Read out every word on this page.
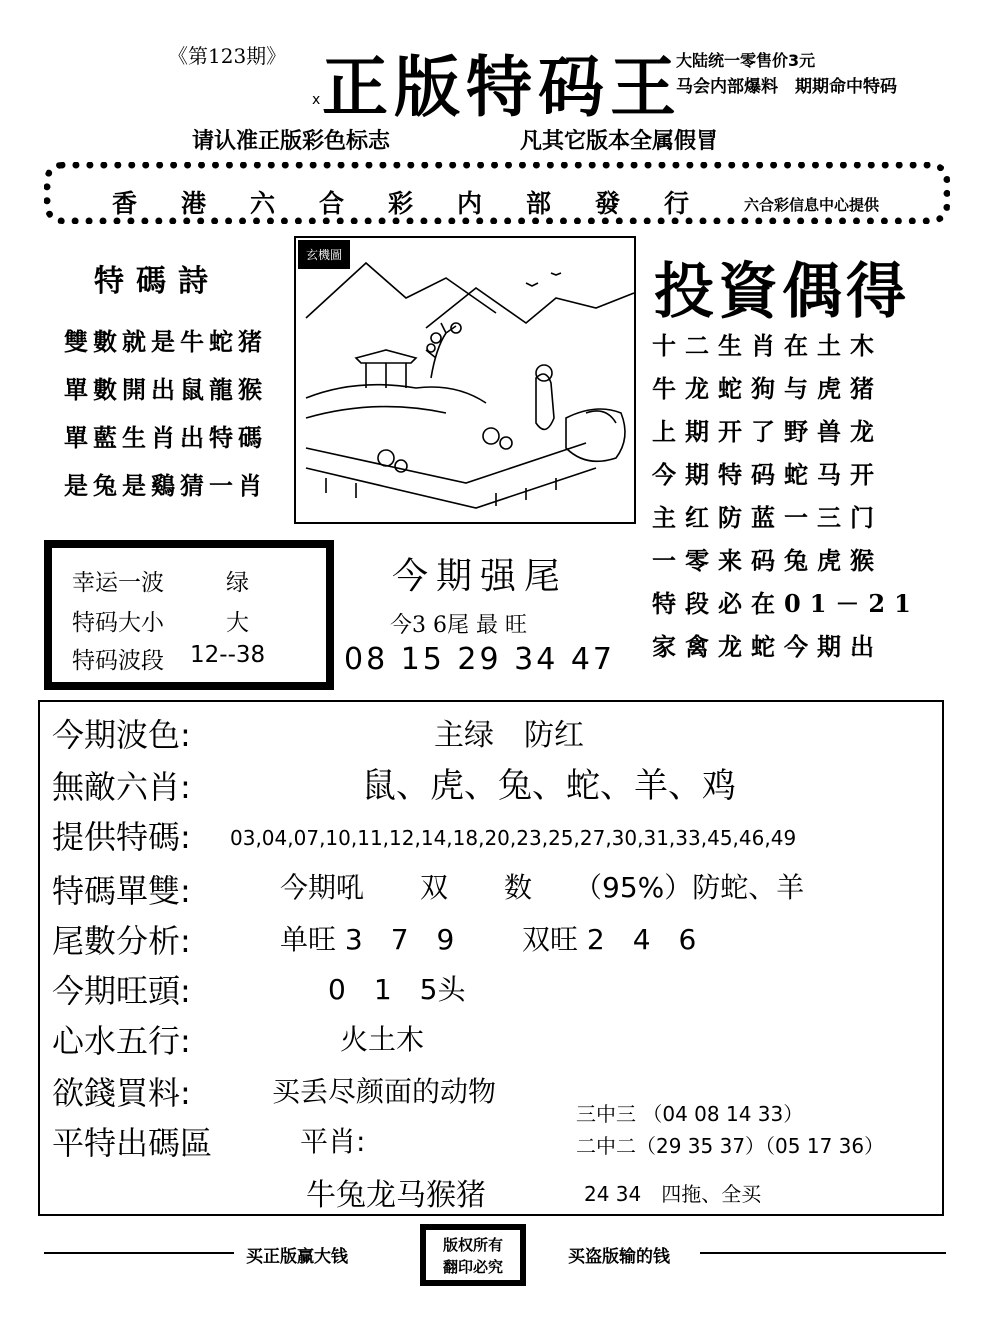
《第123期》 正版特码王
x
大陆统一零售价3元
马会内部爆料　期期命中特码
请认准正版彩色标志	凡其它版本全属假冒
香港六合彩内部發行 六合彩信息中心提供
特碼詩
雙數就是牛蛇猪
單數開出鼠龍猴
單藍生肖出特碼
是兔是鷄猜一肖
玄機圖
投資偶得
十二生肖在土木
牛龙蛇狗与虎猪
上期开了野兽龙
今期特码蛇马开
主红防蓝一三门
一零来码兔虎猴
特段必在01－21
家禽龙蛇今期出
幸运一波	绿
特码大小	大
特码波段 12--38
今期强尾
今3 6尾 最 旺
08 15 29 34 47
今期波色:	主绿　防红
無敵六肖:	鼠、虎、兔、蛇、羊、鸡
提供特碼: 03,04,07,10,11,12,14,18,20,23,25,27,30,31,33,45,46,49
特碼單雙:	今期吼　　双　　数　　（95%）防蛇、羊
尾數分析:	单旺 3　7　9 双旺 2　4　6
今期旺頭:	0　1　5头
心水五行:	火土木
欲錢買料:	买丢尽颜面的动物
平特出碼區	平肖:
牛兔龙马猴猪
三中三 （04 08 14 33）
二中二（29 35 37）（05 17 36）
24 34　四拖、全买
买正版赢大钱
版权所有
翻印必究	买盗版输的钱
